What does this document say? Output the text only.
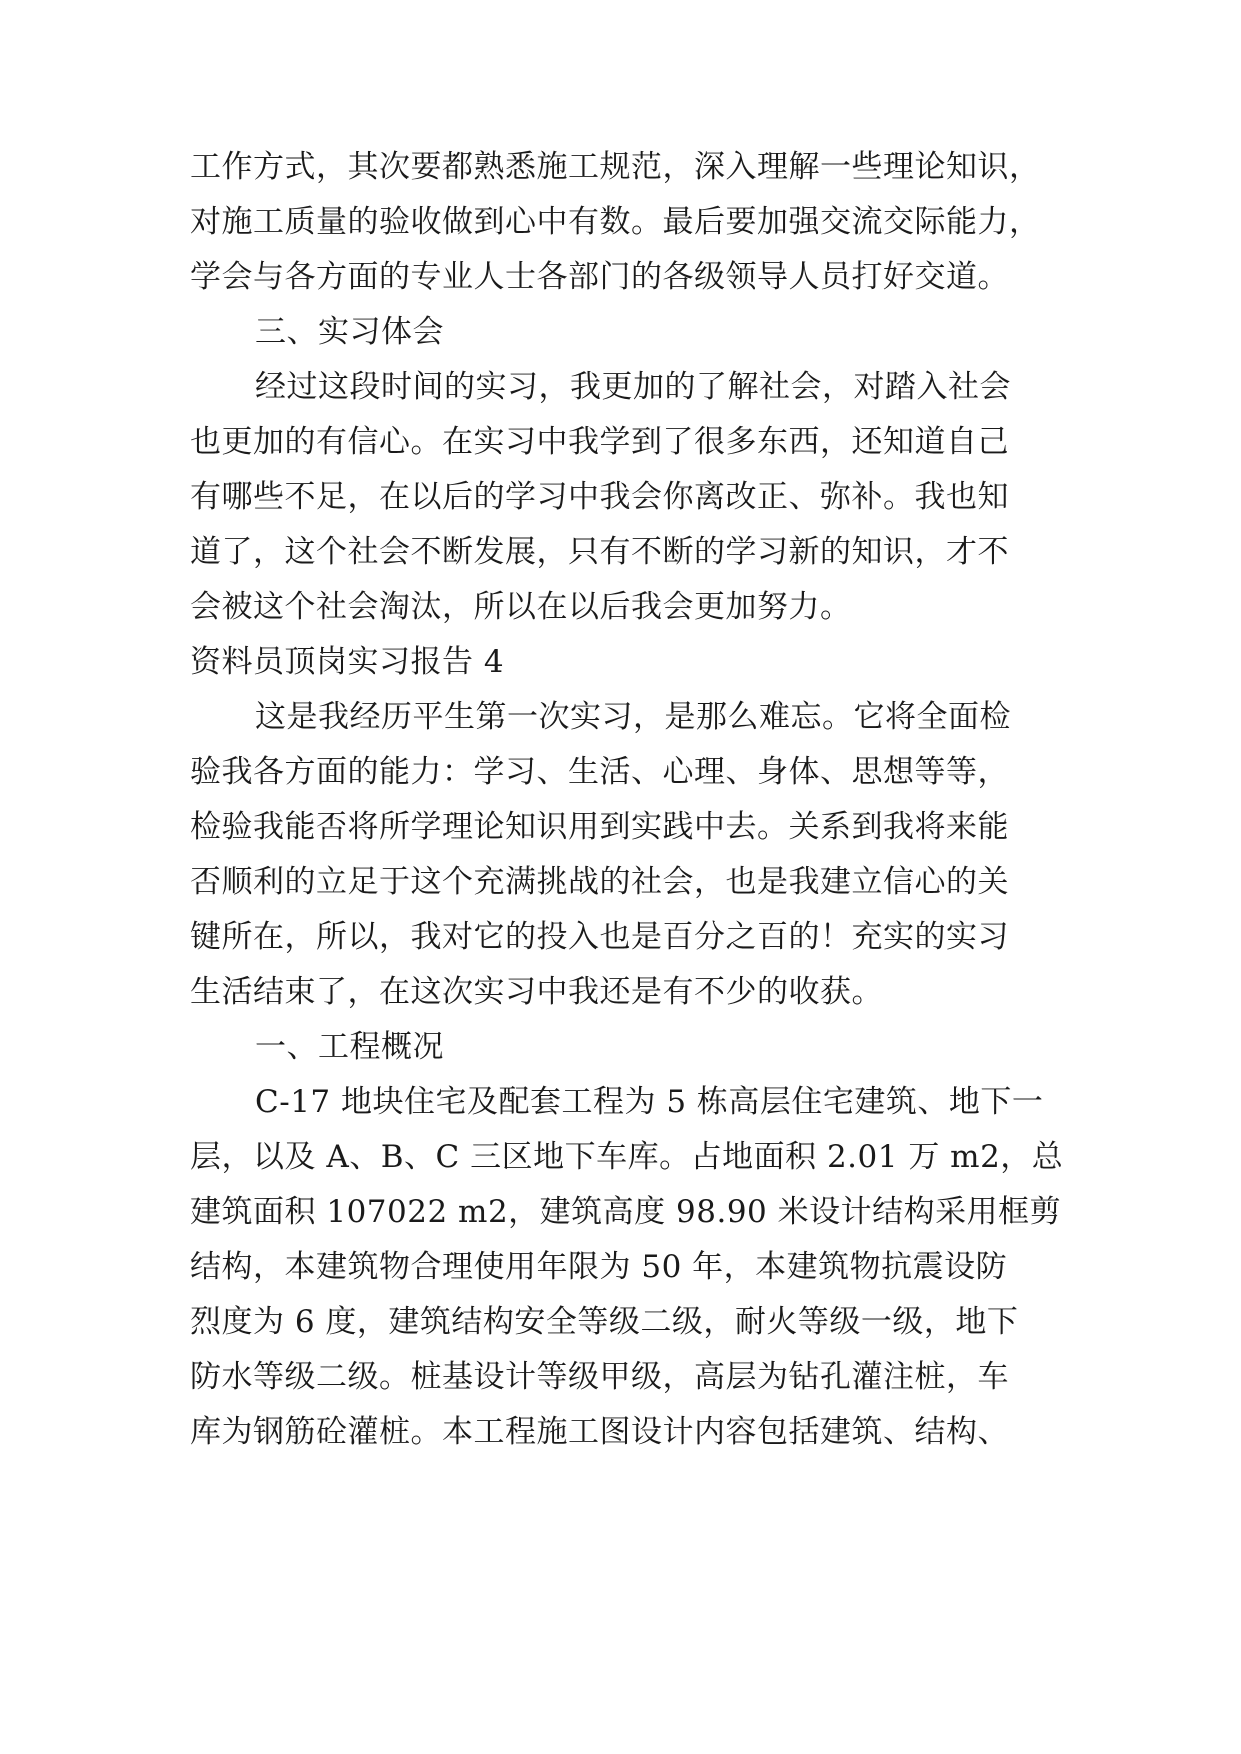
工作方式，其次要都熟悉施工规范，深入理解一些理论知识，

对施工质量的验收做到心中有数。最后要加强交流交际能力，

学会与各方面的专业人士各部门的各级领导人员打好交道。

三、实习体会

经过这段时间的实习，我更加的了解社会，对踏入社会

也更加的有信心。在实习中我学到了很多东西，还知道自己

有哪些不足，在以后的学习中我会你离改正、弥补。我也知

道了，这个社会不断发展，只有不断的学习新的知识，才不

会被这个社会淘汰，所以在以后我会更加努力。

资料员顶岗实习报告 4

这是我经历平生第一次实习，是那么难忘。它将全面检

验我各方面的能力：学习、生活、心理、身体、思想等等，

检验我能否将所学理论知识用到实践中去。关系到我将来能

否顺利的立足于这个充满挑战的社会，也是我建立信心的关

键所在，所以，我对它的投入也是百分之百的！充实的实习

生活结束了，在这次实习中我还是有不少的收获。

一、工程概况

C-17 地块住宅及配套工程为 5 栋高层住宅建筑、地下一

层，以及 A、B、C 三区地下车库。占地面积 2.01 万 m2，总

建筑面积 107022 m2，建筑高度 98.90 米设计结构采用框剪

结构，本建筑物合理使用年限为 50 年，本建筑物抗震设防

烈度为 6 度，建筑结构安全等级二级，耐火等级一级，地下

防水等级二级。桩基设计等级甲级，高层为钻孔灌注桩，车

库为钢筋砼灌桩。本工程施工图设计内容包括建筑、结构、
